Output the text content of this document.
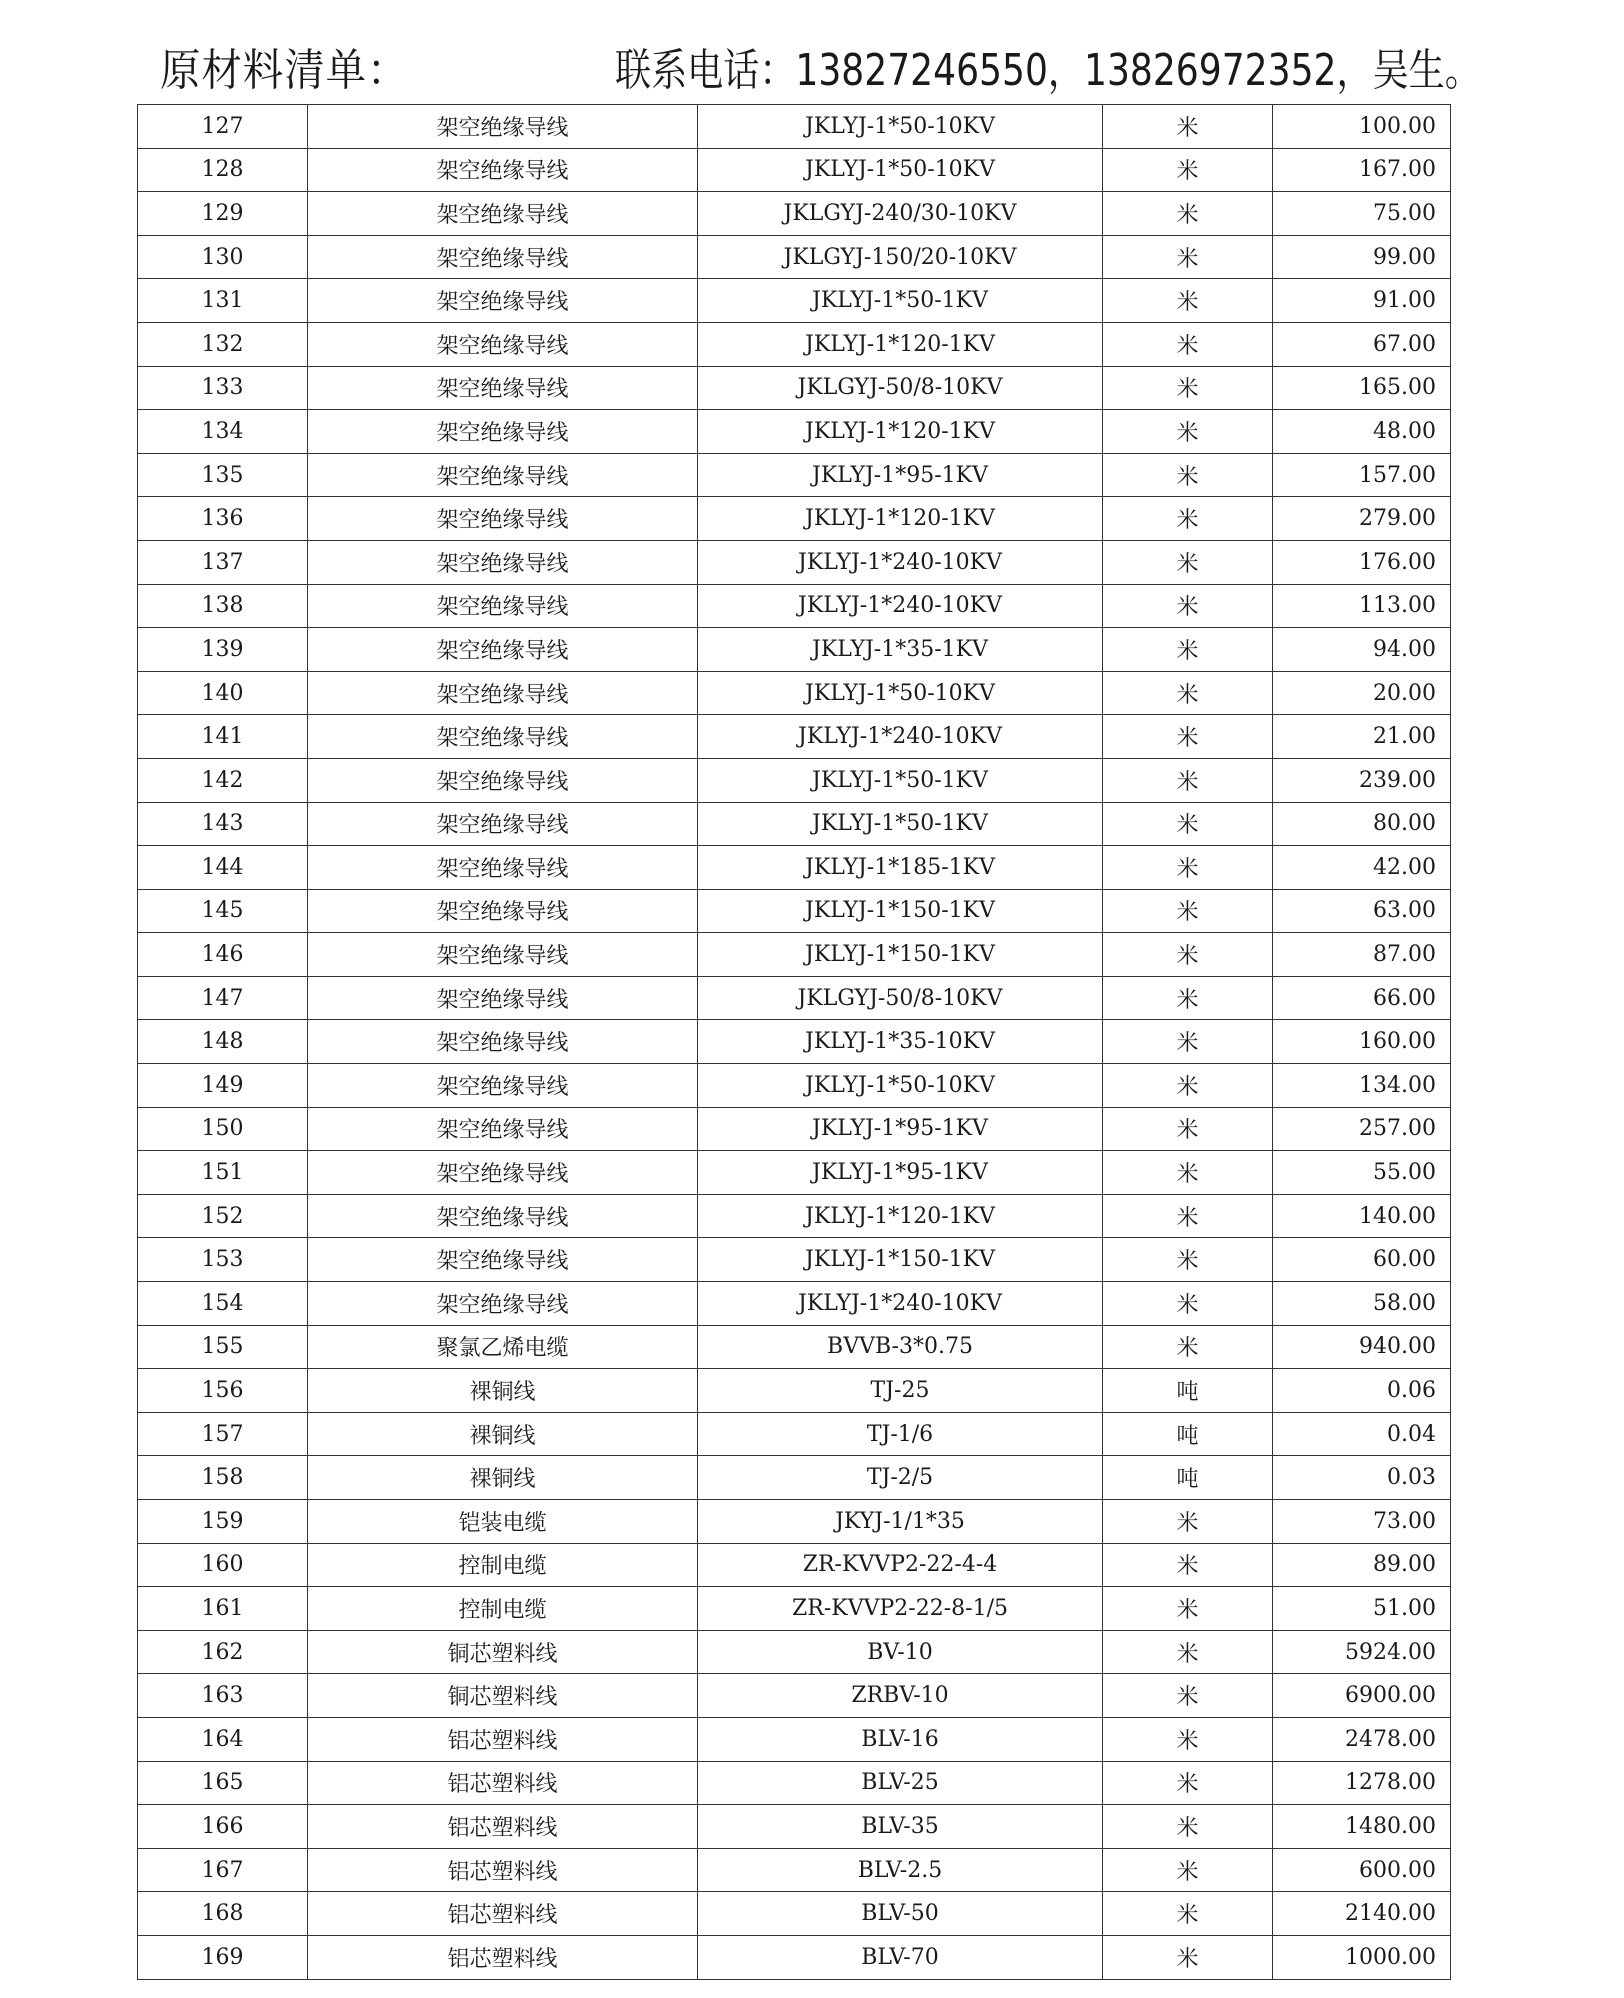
原材料清单：	联系电话：13827246550，13826972352，吴生。
127	架空绝缘导线	JKLYJ-1*50-10KV	米	100.00
128	架空绝缘导线	JKLYJ-1*50-10KV	米	167.00
129	架空绝缘导线	JKLGYJ-240/30-10KV	米	75.00
130	架空绝缘导线	JKLGYJ-150/20-10KV	米	99.00
131	架空绝缘导线	JKLYJ-1*50-1KV	米	91.00
132	架空绝缘导线	JKLYJ-1*120-1KV	米	67.00
133	架空绝缘导线	JKLGYJ-50/8-10KV	米	165.00
134	架空绝缘导线	JKLYJ-1*120-1KV	米	48.00
135	架空绝缘导线	JKLYJ-1*95-1KV	米	157.00
136	架空绝缘导线	JKLYJ-1*120-1KV	米	279.00
137	架空绝缘导线	JKLYJ-1*240-10KV	米	176.00
138	架空绝缘导线	JKLYJ-1*240-10KV	米	113.00
139	架空绝缘导线	JKLYJ-1*35-1KV	米	94.00
140	架空绝缘导线	JKLYJ-1*50-10KV	米	20.00
141	架空绝缘导线	JKLYJ-1*240-10KV	米	21.00
142	架空绝缘导线	JKLYJ-1*50-1KV	米	239.00
143	架空绝缘导线	JKLYJ-1*50-1KV	米	80.00
144	架空绝缘导线	JKLYJ-1*185-1KV	米	42.00
145	架空绝缘导线	JKLYJ-1*150-1KV	米	63.00
146	架空绝缘导线	JKLYJ-1*150-1KV	米	87.00
147	架空绝缘导线	JKLGYJ-50/8-10KV	米	66.00
148	架空绝缘导线	JKLYJ-1*35-10KV	米	160.00
149	架空绝缘导线	JKLYJ-1*50-10KV	米	134.00
150	架空绝缘导线	JKLYJ-1*95-1KV	米	257.00
151	架空绝缘导线	JKLYJ-1*95-1KV	米	55.00
152	架空绝缘导线	JKLYJ-1*120-1KV	米	140.00
153	架空绝缘导线	JKLYJ-1*150-1KV	米	60.00
154	架空绝缘导线	JKLYJ-1*240-10KV	米	58.00
155	聚氯乙烯电缆	BVVB-3*0.75	米	940.00
156	裸铜线	TJ-25	吨	0.06
157	裸铜线	TJ-1/6	吨	0.04
158	裸铜线	TJ-2/5	吨	0.03
159	铠装电缆	JKYJ-1/1*35	米	73.00
160	控制电缆	ZR-KVVP2-22-4-4	米	89.00
161	控制电缆	ZR-KVVP2-22-8-1/5	米	51.00
162	铜芯塑料线	BV-10	米	5924.00
163	铜芯塑料线	ZRBV-10	米	6900.00
164	铝芯塑料线	BLV-16	米	2478.00
165	铝芯塑料线	BLV-25	米	1278.00
166	铝芯塑料线	BLV-35	米	1480.00
167	铝芯塑料线	BLV-2.5	米	600.00
168	铝芯塑料线	BLV-50	米	2140.00
169	铝芯塑料线	BLV-70	米	1000.00
